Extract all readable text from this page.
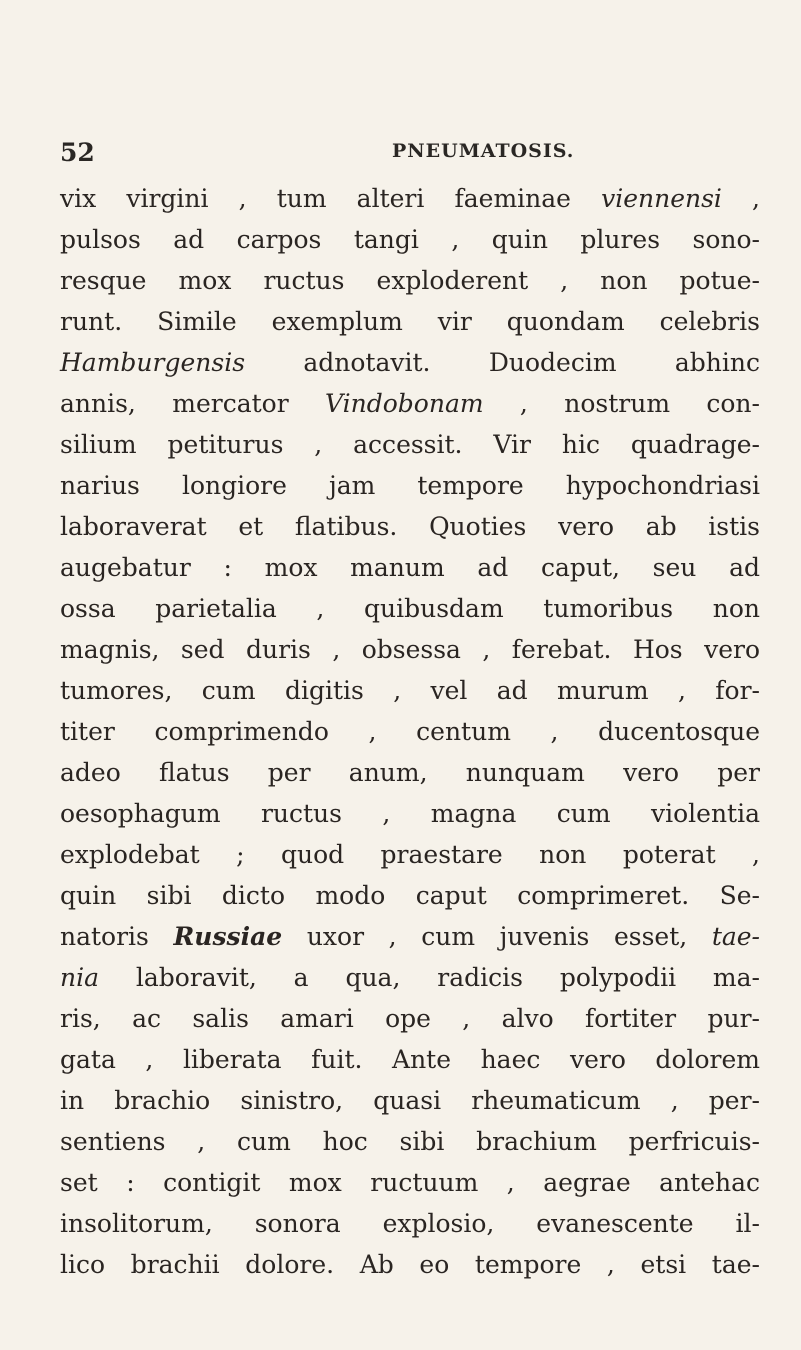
52	PNEUMATOSIS.
vix virgini , tum alteri faeminae viennensi ,
pulsos ad carpos tangi , quin plures sono-
resque mox ructus exploderent , non potue-
runt. Simile exemplum vir quondam celebris
Hamburgensis adnotavit. Duodecim abhinc
annis, mercator Vindobonam , nostrum con-
silium petiturus , accessit. Vir hic quadrage-
narius longiore jam tempore hypochondriasi
laboraverat et flatibus. Quoties vero ab istis
augebatur : mox manum ad caput, seu ad
ossa parietalia , quibusdam tumoribus non
magnis, sed duris , obsessa , ferebat. Hos vero
tumores, cum digitis , vel ad murum , for-
titer comprimendo , centum , ducentosque
adeo flatus per anum, nunquam vero per
oesophagum ructus , magna cum violentia
explodebat ; quod praestare non poterat ,
quin sibi dicto modo caput comprimeret. Se-
natoris Russiae uxor , cum juvenis esset, tae-
nia laboravit, a qua, radicis polypodii ma-
ris, ac salis amari ope , alvo fortiter pur-
gata , liberata fuit. Ante haec vero dolorem
in brachio sinistro, quasi rheumaticum , per-
sentiens , cum hoc sibi brachium perfricuis-
set : contigit mox ructuum , aegrae antehac
insolitorum, sonora explosio, evanescente il-
lico brachii dolore. Ab eo tempore , etsi tae-
